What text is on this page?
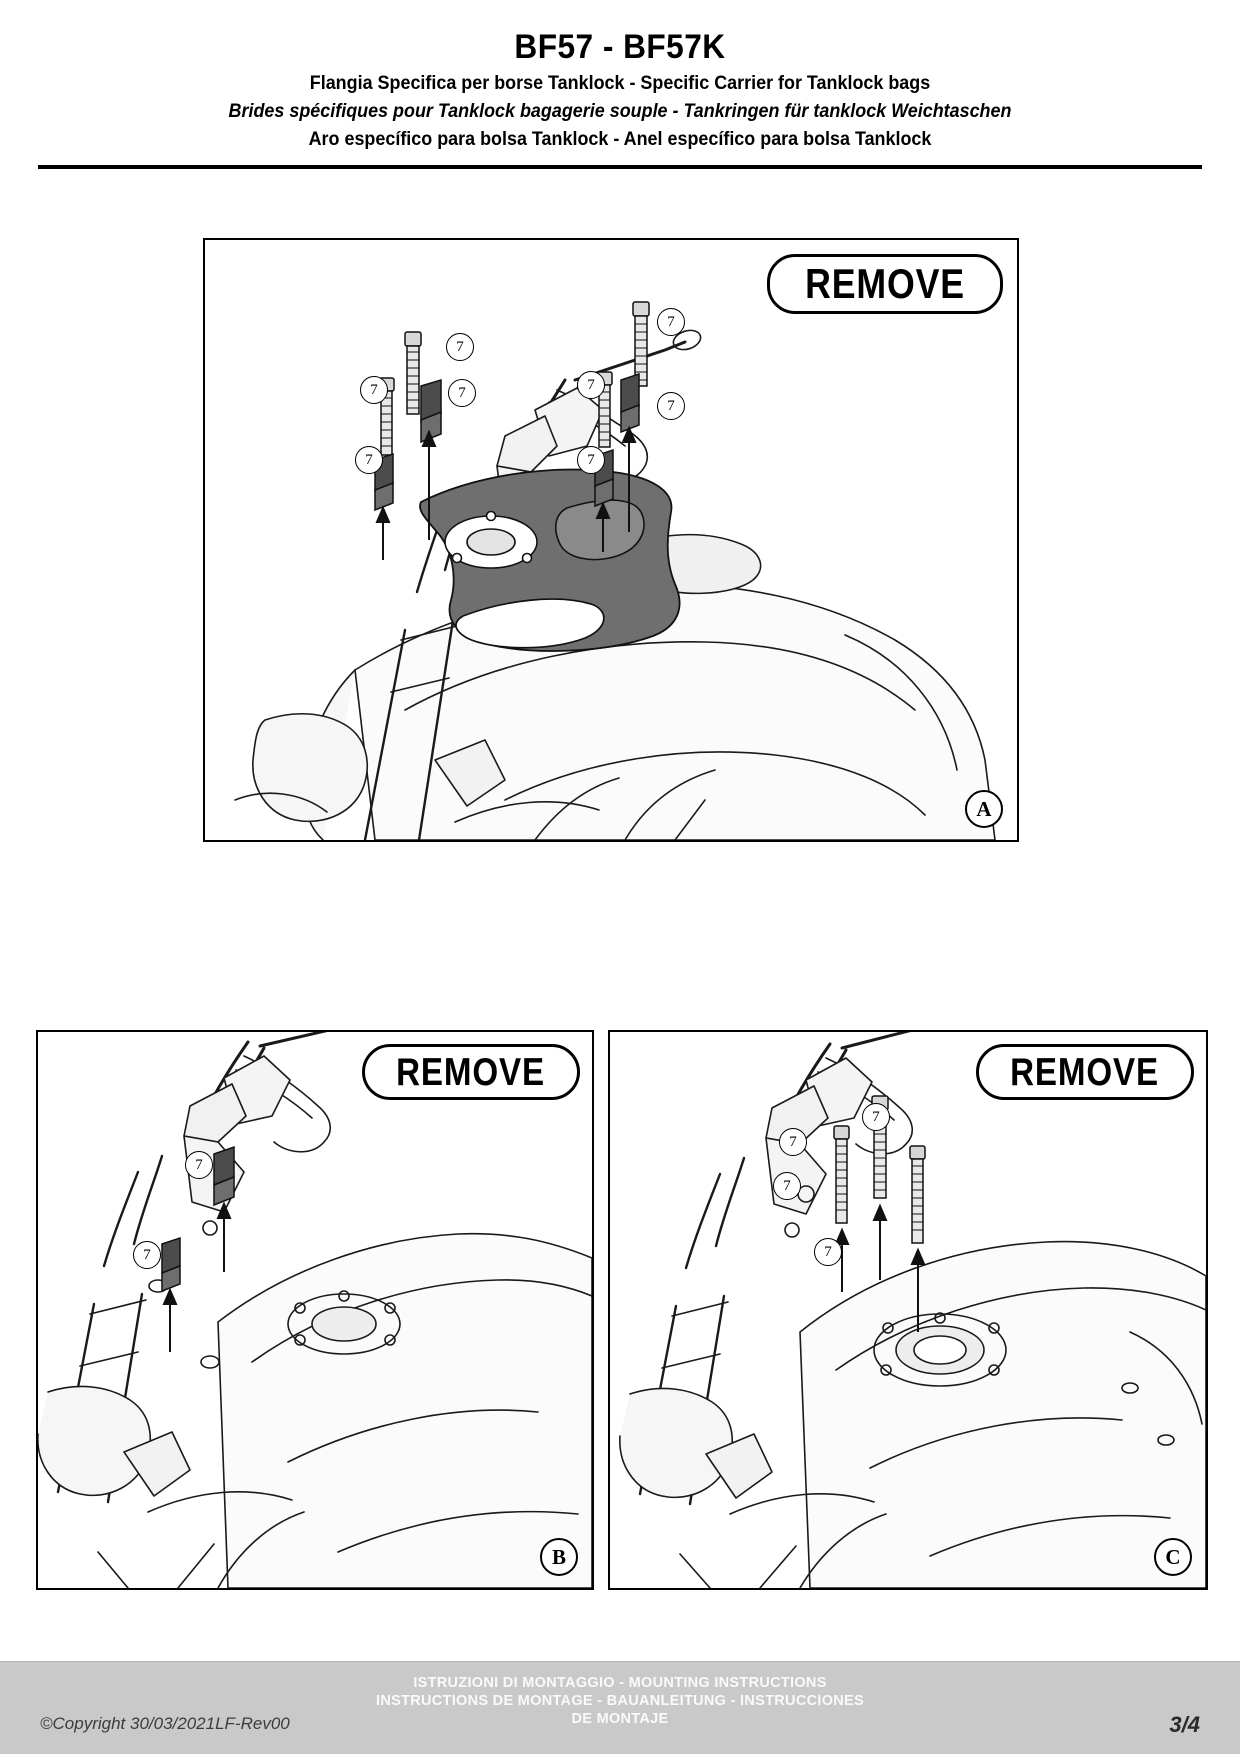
BF57 - BF57K
Flangia Specifica per borse Tanklock - Specific Carrier for Tanklock bags
Brides spécifiques pour Tanklock bagagerie souple - Tankringen für tanklock Weichtaschen
Aro específico para bolsa Tanklock - Anel específico para bolsa Tanklock
REMOVE
7
7	7
7
7
7
7
7
A
REMOVE
7
7
B
REMOVE
7
7
7
7
C
©Copyright 30/03/2021LF-Rev00
ISTRUZIONI DI MONTAGGIO - MOUNTING INSTRUCTIONS
INSTRUCTIONS DE MONTAGE - BAUANLEITUNG - INSTRUCCIONES
DE MONTAJE	3/4
